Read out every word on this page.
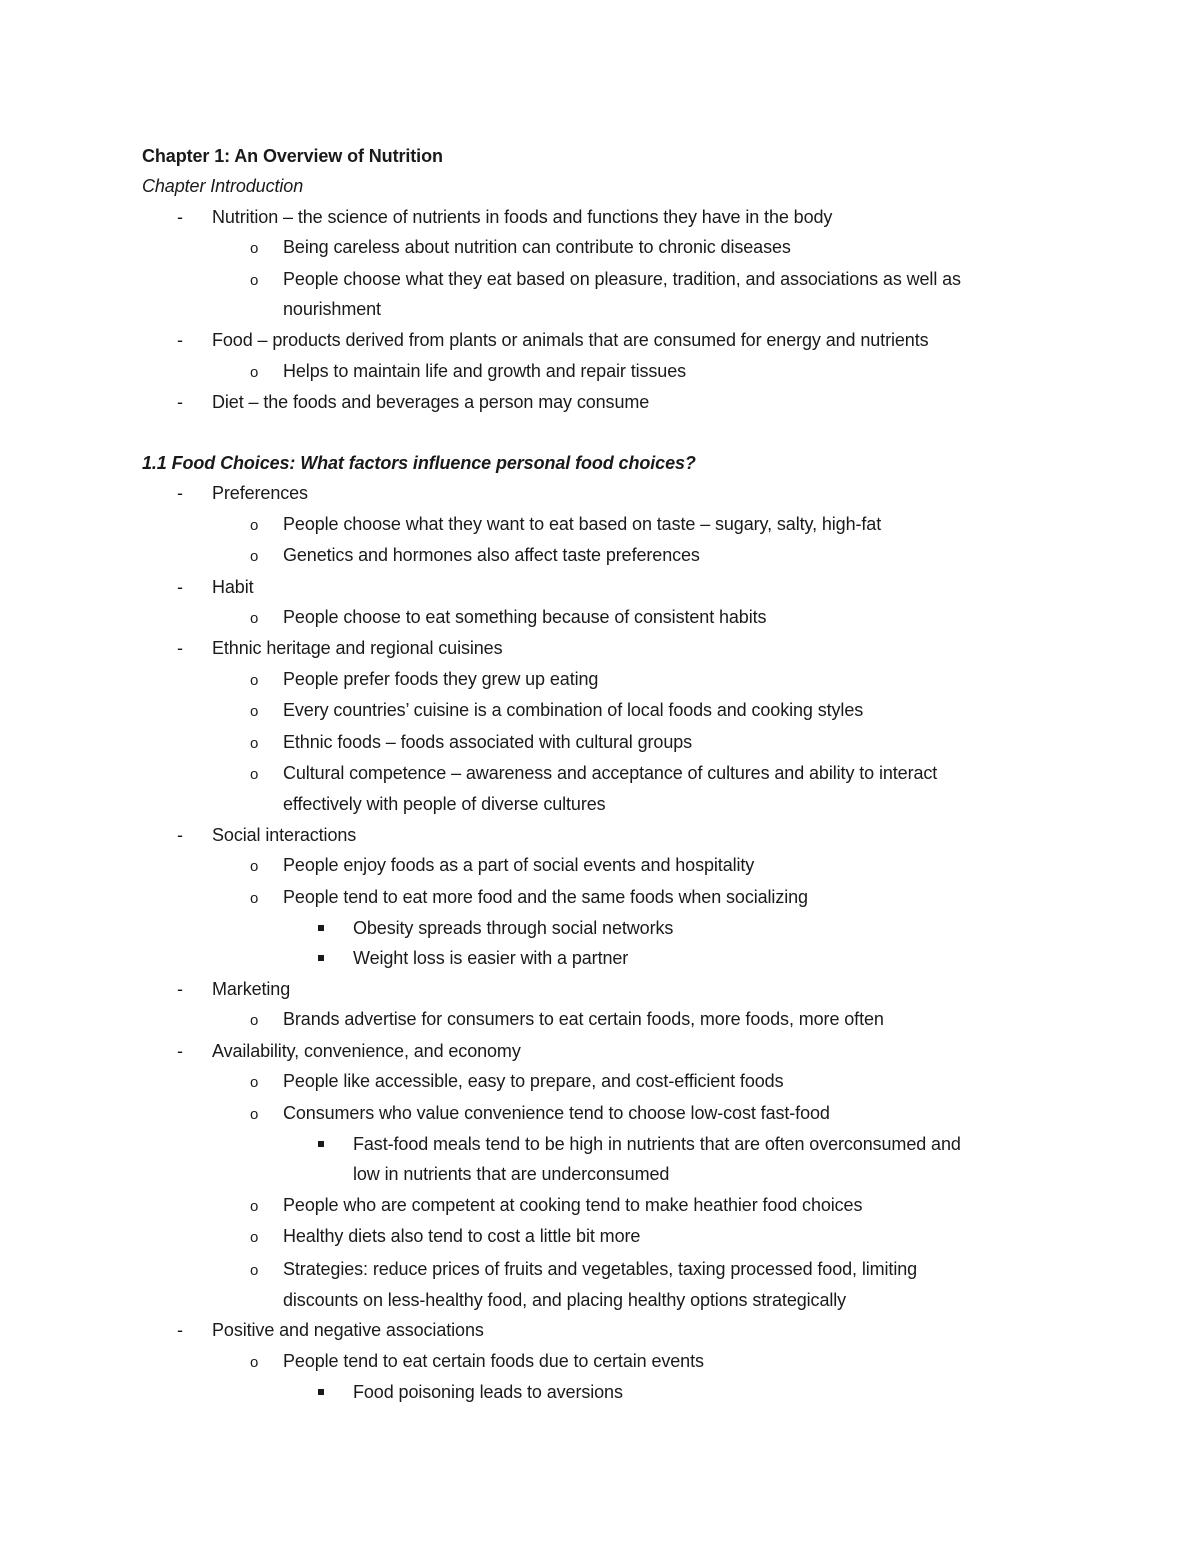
Chapter 1: An Overview of Nutrition
Chapter Introduction
- Nutrition – the science of nutrients in foods and functions they have in the body
o Being careless about nutrition can contribute to chronic diseases
o People choose what they eat based on pleasure, tradition, and associations as well as
nourishment
- Food – products derived from plants or animals that are consumed for energy and nutrients
o Helps to maintain life and growth and repair tissues
- Diet – the foods and beverages a person may consume
1.1 Food Choices: What factors influence personal food choices?
- Preferences
o People choose what they want to eat based on taste – sugary, salty, high-fat
o Genetics and hormones also affect taste preferences
- Habit
o People choose to eat something because of consistent habits
- Ethnic heritage and regional cuisines
o People prefer foods they grew up eating
o Every countries’ cuisine is a combination of local foods and cooking styles
o Ethnic foods – foods associated with cultural groups
o Cultural competence – awareness and acceptance of cultures and ability to interact
effectively with people of diverse cultures
- Social interactions
o People enjoy foods as a part of social events and hospitality
o People tend to eat more food and the same foods when socializing
Obesity spreads through social networks
Weight loss is easier with a partner
- Marketing
o Brands advertise for consumers to eat certain foods, more foods, more often
- Availability, convenience, and economy
o People like accessible, easy to prepare, and cost-efficient foods
o Consumers who value convenience tend to choose low-cost fast-food
Fast-food meals tend to be high in nutrients that are often overconsumed and
low in nutrients that are underconsumed
o People who are competent at cooking tend to make heathier food choices
o Healthy diets also tend to cost a little bit more
o Strategies: reduce prices of fruits and vegetables, taxing processed food, limiting
discounts on less-healthy food, and placing healthy options strategically
- Positive and negative associations
o People tend to eat certain foods due to certain events
Food poisoning leads to aversions
